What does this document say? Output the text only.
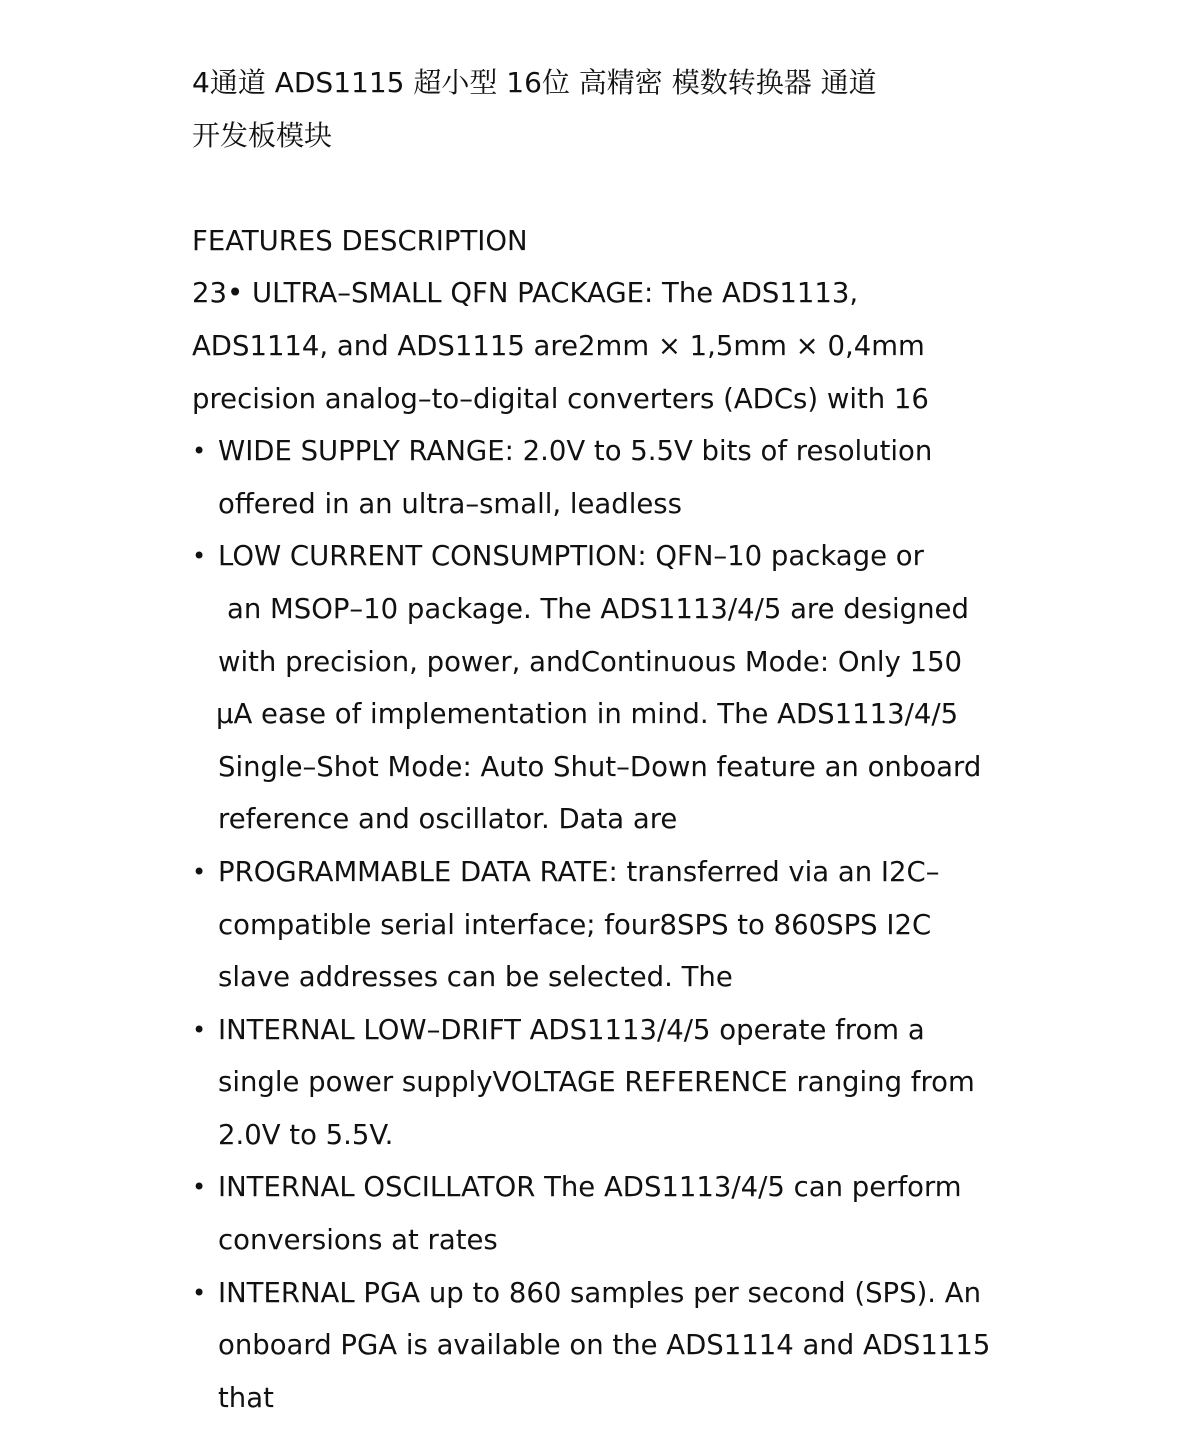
4通道 ADS1115 超小型 16位 高精密 模数转换器 通道
开发板模块
FEATURES DESCRIPTION
23• ULTRA–SMALL QFN PACKAGE: The ADS1113,
ADS1114, and ADS1115 are2mm × 1,5mm × 0,4mm
precision analog–to–digital converters (ADCs) with 16
• WIDE SUPPLY RANGE: 2.0V to 5.5V bits of resolution
offered in an ultra–small, leadless
• LOW CURRENT CONSUMPTION: QFN–10 package or
an MSOP–10 package. The ADS1113/4/5 are designed
with precision, power, andContinuous Mode: Only 150
μA ease of implementation in mind. The ADS1113/4/5
Single–Shot Mode: Auto Shut–Down feature an onboard
reference and oscillator. Data are
• PROGRAMMABLE DATA RATE: transferred via an I2C–
compatible serial interface; four8SPS to 860SPS I2C
slave addresses can be selected. The
• INTERNAL LOW–DRIFT ADS1113/4/5 operate from a
single power supplyVOLTAGE REFERENCE ranging from
2.0V to 5.5V.
• INTERNAL OSCILLATOR The ADS1113/4/5 can perform
conversions at rates
• INTERNAL PGA up to 860 samples per second (SPS). An
onboard PGA is available on the ADS1114 and ADS1115
that
